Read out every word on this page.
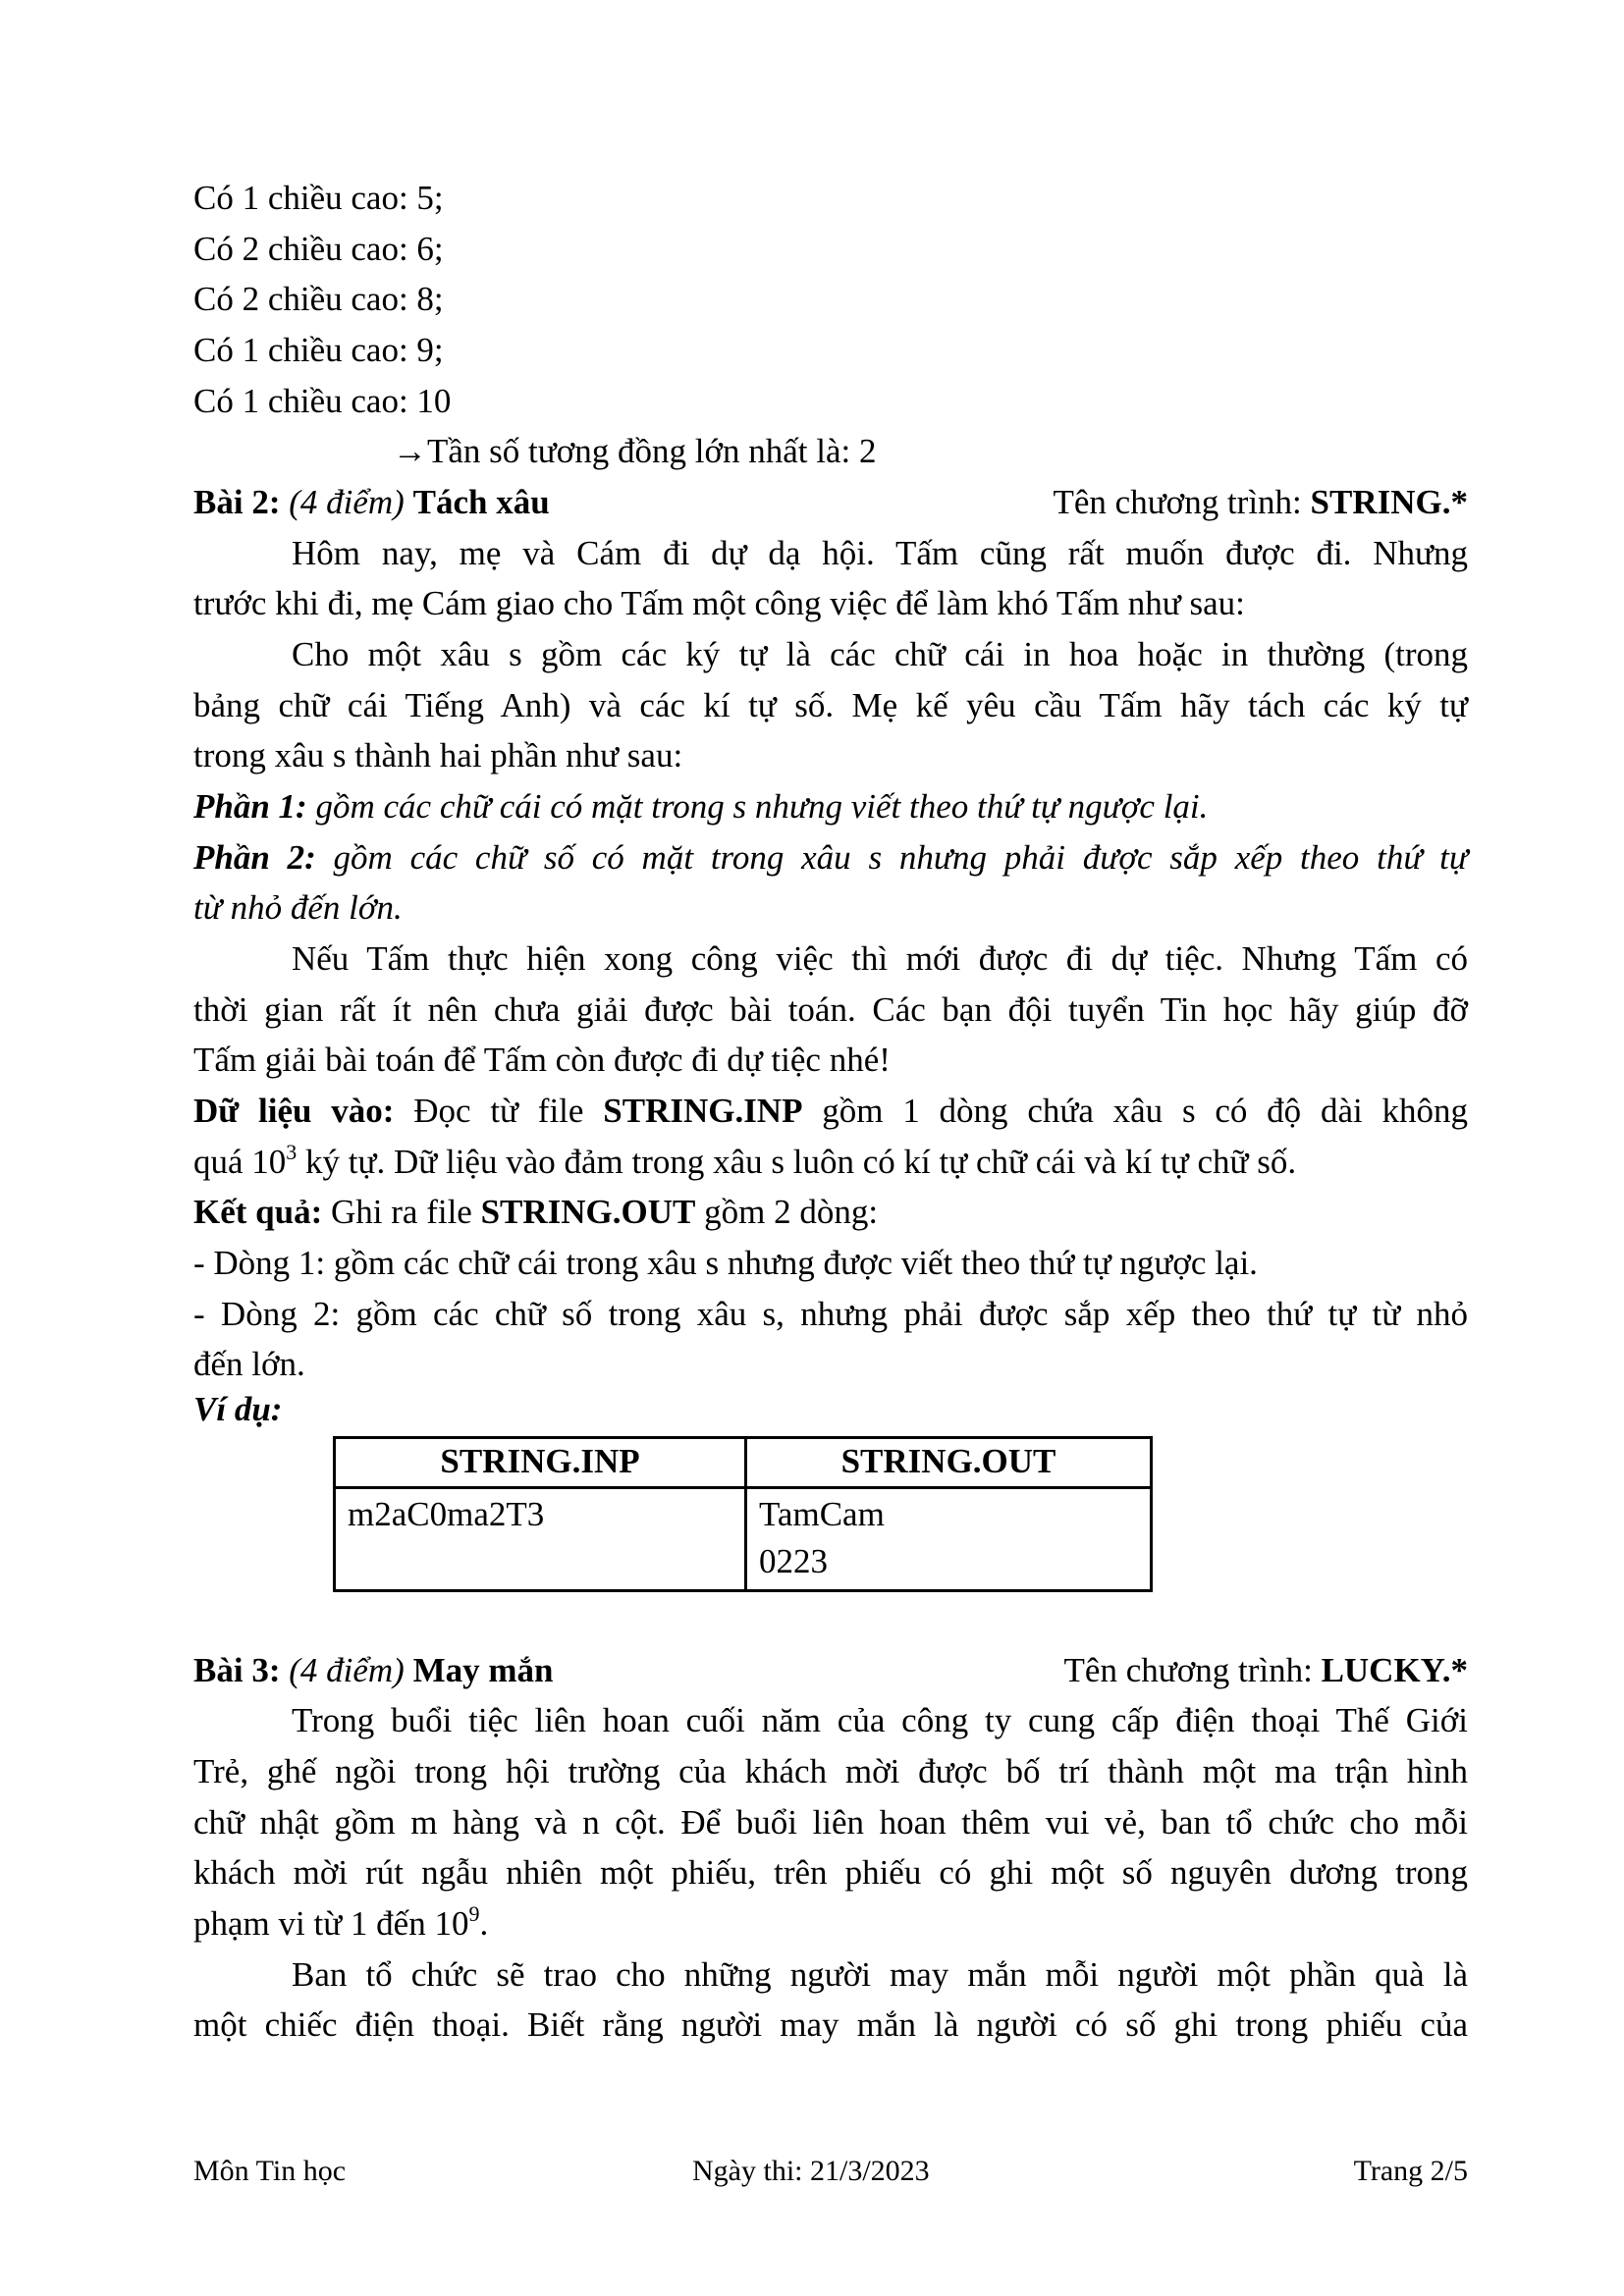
Có 1 chiều cao: 5;
Có 2 chiều cao: 6;
Có 2 chiều cao: 8;
Có 1 chiều cao: 9;
Có 1 chiều cao: 10
→Tần số tương đồng lớn nhất là: 2
Bài 2: (4 điểm) Tách xâu	Tên chương trình: STRING.*
Hôm nay, mẹ và Cám đi dự dạ hội. Tấm cũng rất muốn được đi. Nhưng
trước khi đi, mẹ Cám giao cho Tấm một công việc để làm khó Tấm như sau:
Cho một xâu s gồm các ký tự là các chữ cái in hoa hoặc in thường (trong
bảng chữ cái Tiếng Anh) và các kí tự số. Mẹ kế yêu cầu Tấm hãy tách các ký tự
trong xâu s thành hai phần như sau:
Phần 1: gồm các chữ cái có mặt trong s nhưng viết theo thứ tự ngược lại.
Phần 2: gồm các chữ số có mặt trong xâu s nhưng phải được sắp xếp theo thứ tự
từ nhỏ đến lớn.
Nếu Tấm thực hiện xong công việc thì mới được đi dự tiệc. Nhưng Tấm có
thời gian rất ít nên chưa giải được bài toán. Các bạn đội tuyển Tin học hãy giúp đỡ
Tấm giải bài toán để Tấm còn được đi dự tiệc nhé!
Dữ liệu vào: Đọc từ file STRING.INP gồm 1 dòng chứa xâu s có độ dài không
quá $10^3$ ký tự. Dữ liệu vào đảm trong xâu s luôn có kí tự chữ cái và kí tự chữ số.
Kết quả: Ghi ra file STRING.OUT gồm 2 dòng:
- Dòng 1: gồm các chữ cái trong xâu s nhưng được viết theo thứ tự ngược lại.
- Dòng 2: gồm các chữ số trong xâu s, nhưng phải được sắp xếp theo thứ tự từ nhỏ
đến lớn.
Ví dụ:
STRING.INP	STRING.OUT

m2aC0ma2T3	TamCam
0223
Bài 3: (4 điểm) May mắn	Tên chương trình: LUCKY.*
Trong buổi tiệc liên hoan cuối năm của công ty cung cấp điện thoại Thế Giới
Trẻ, ghế ngồi trong hội trường của khách mời được bố trí thành một ma trận hình
chữ nhật gồm m hàng và n cột. Để buổi liên hoan thêm vui vẻ, ban tổ chức cho mỗi
khách mời rút ngẫu nhiên một phiếu, trên phiếu có ghi một số nguyên dương trong
phạm vi từ 1 đến $10^9$.
Ban tổ chức sẽ trao cho những người may mắn mỗi người một phần quà là
một chiếc điện thoại. Biết rằng người may mắn là người có số ghi trong phiếu của
Môn Tin học	Ngày thi: 21/3/2023	Trang 2/5
